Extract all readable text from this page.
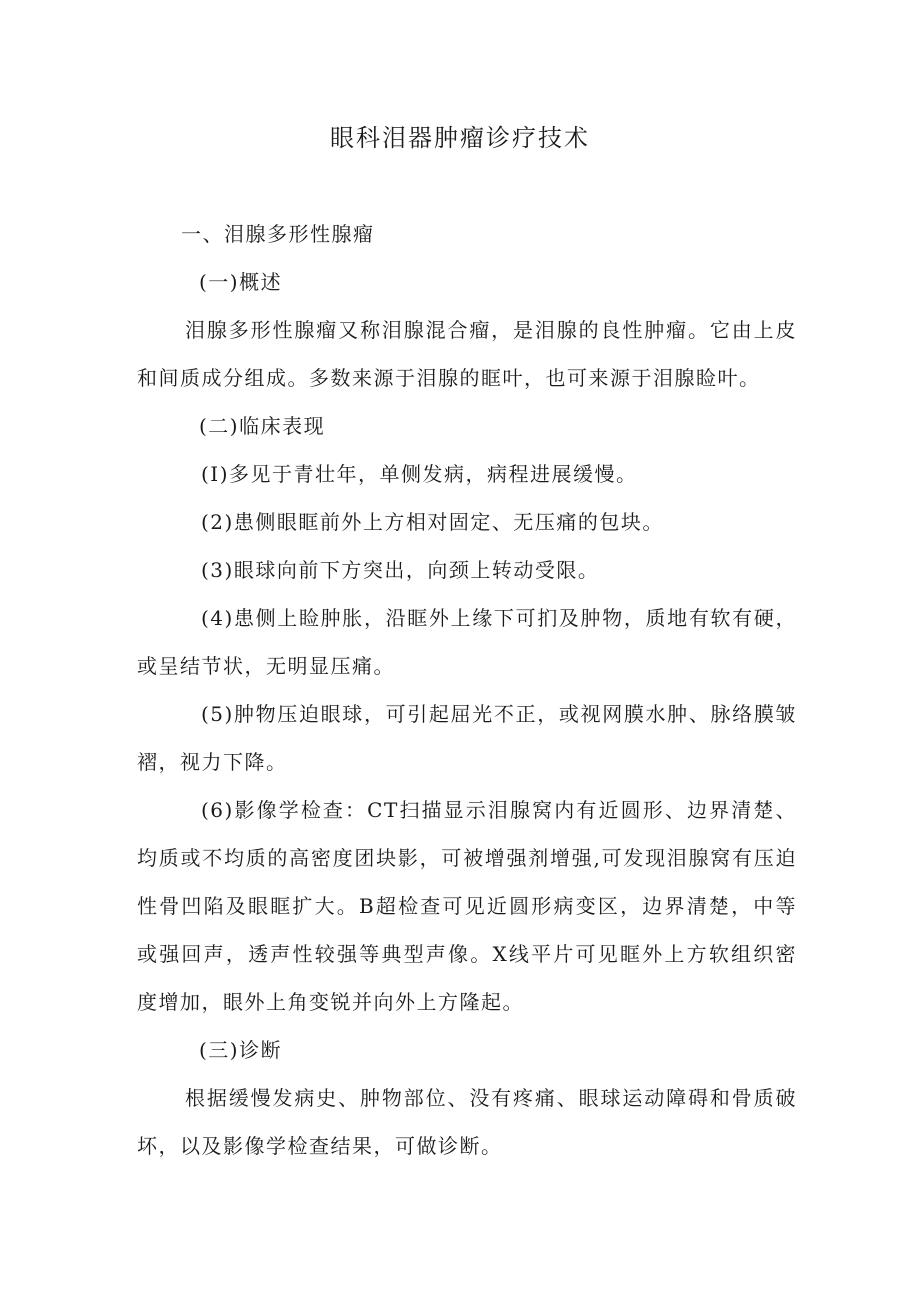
眼科泪器肿瘤诊疗技术

一、泪腺多形性腺瘤

(一)概述

泪腺多形性腺瘤又称泪腺混合瘤，是泪腺的良性肿瘤。它由上皮和间质成分组成。多数来源于泪腺的眶叶，也可来源于泪腺睑叶。

(二)临床表现

(I)多见于青壮年，单侧发病，病程进展缓慢。

(2)患侧眼眶前外上方相对固定、无压痛的包块。

(3)眼球向前下方突出，向颈上转动受限。

(4)患侧上睑肿胀，沿眶外上缘下可扪及肿物，质地有软有硬，或呈结节状，无明显压痛。

(5)肿物压迫眼球，可引起屈光不正，或视网膜水肿、脉络膜皱褶，视力下降。

(6)影像学检查：CT扫描显示泪腺窝内有近圆形、边界清楚、均质或不均质的高密度团块影，可被增强剂增强,可发现泪腺窝有压迫性骨凹陷及眼眶扩大。B超检查可见近圆形病变区，边界清楚，中等或强回声，透声性较强等典型声像。X线平片可见眶外上方软组织密度增加，眼外上角变锐并向外上方隆起。

(三)诊断

根据缓慢发病史、肿物部位、没有疼痛、眼球运动障碍和骨质破坏，以及影像学检查结果，可做诊断。
